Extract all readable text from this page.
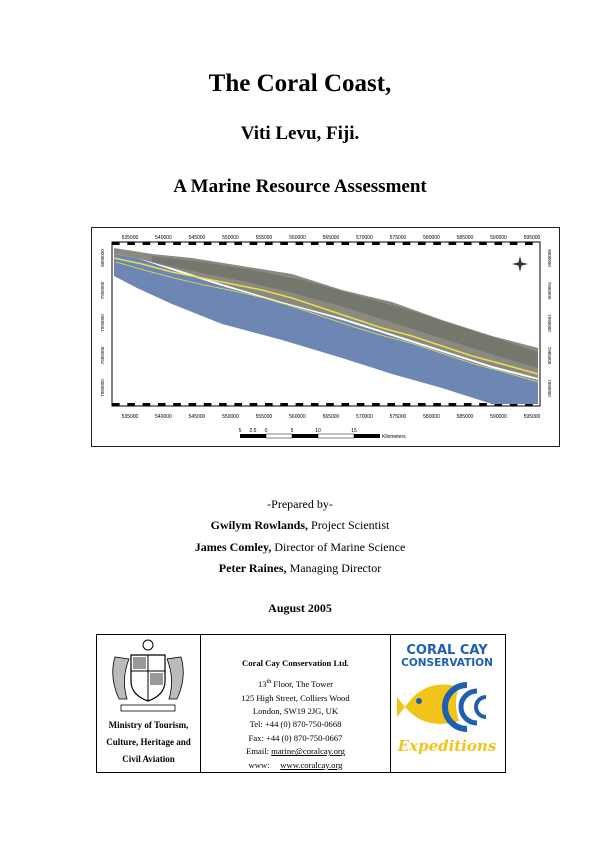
The Coral Coast,
Viti Levu, Fiji.
A Marine Resource Assessment
535000	540000	545000	550000	555000	560000	565000	570000	575000	580000	585000	590000	595000
535000	540000	545000	550000	555000	560000	565000	570000	575000	580000	585000	590000	595000
8000000	8000000
7995000	7995000
7990000	7990000
7985000	7985000
7980000	7980000
5 2.5 0	5	10	15
Kilometers
-Prepared by-
Gwilym Rowlands, Project Scientist
James Comley, Director of Marine Science
Peter Raines, Managing Director
August 2005
Ministry of Tourism,
Culture, Heritage and
Civil Aviation
Coral Cay Conservation Ltd.
13th Floor, The Tower
125 High Street, Colliers Wood
London, SW19 2JG, UK
Tel: +44 (0) 870-750-0668
Fax: +44 (0) 870-750-0667
Email: marine@coralcay.org
www: www.coralcay.org
CORAL CAY
CONSERVATION
Expeditions
